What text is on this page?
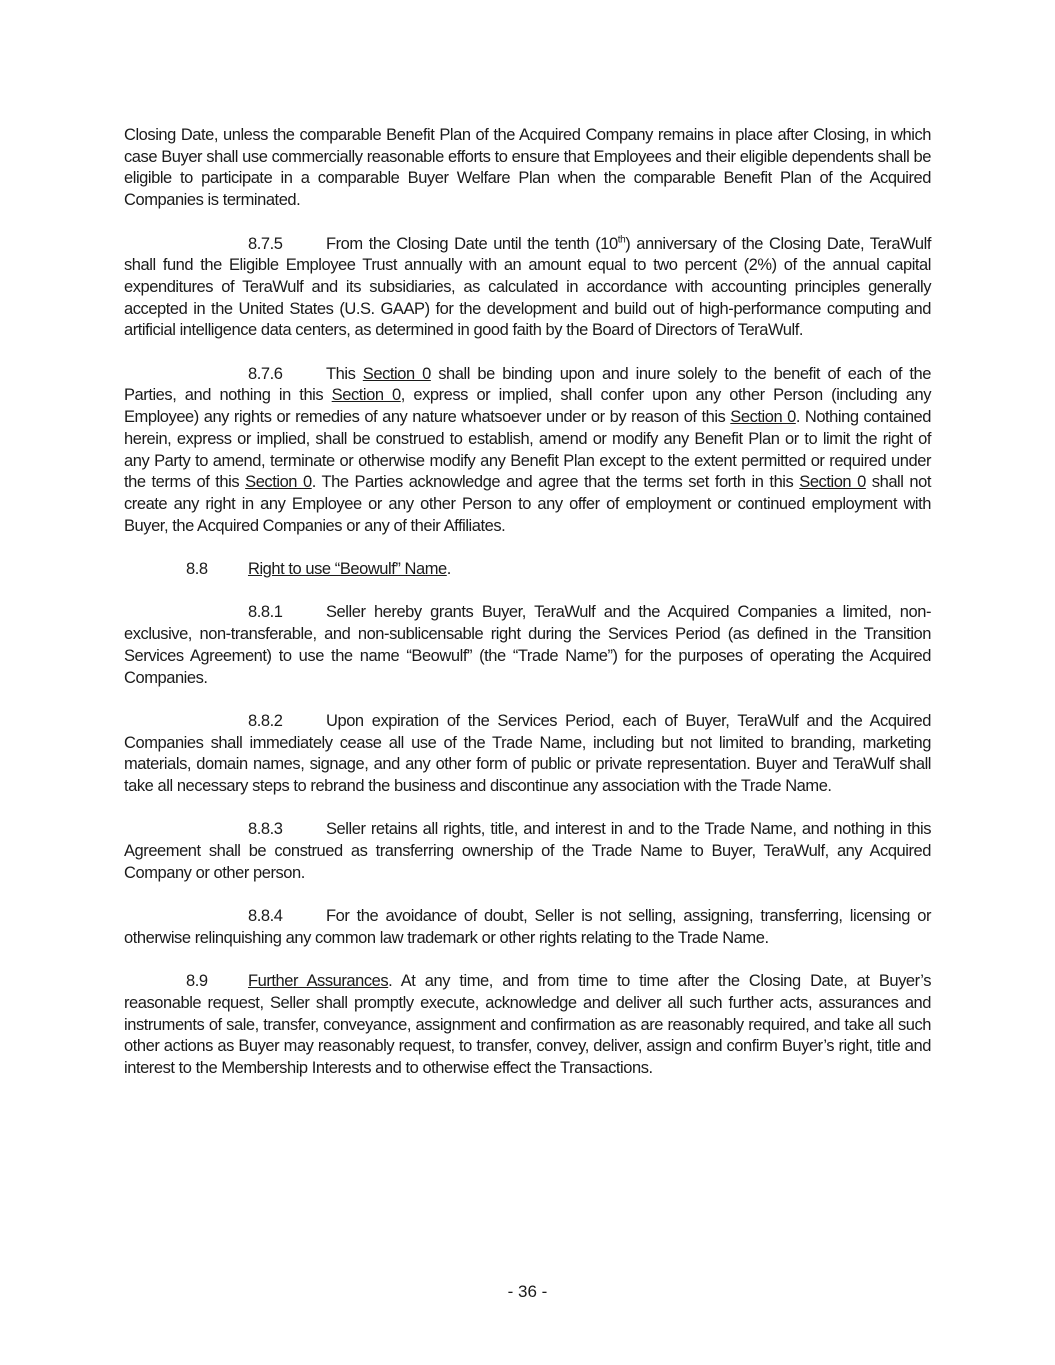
Closing Date, unless the comparable Benefit Plan of the Acquired Company remains in place after Closing, in which case Buyer shall use commercially reasonable efforts to ensure that Employees and their eligible dependents shall be eligible to participate in a comparable Buyer Welfare Plan when the comparable Benefit Plan of the Acquired Companies is terminated.

8.7.5	From the Closing Date until the tenth (10th) anniversary of the Closing Date, TeraWulf shall fund the Eligible Employee Trust annually with an amount equal to two percent (2%) of the annual capital expenditures of TeraWulf and its subsidiaries, as calculated in accordance with accounting principles generally accepted in the United States (U.S. GAAP) for the development and build out of high-performance computing and artificial intelligence data centers, as determined in good faith by the Board of Directors of TeraWulf.

8.7.6	This Section 0 shall be binding upon and inure solely to the benefit of each of the Parties, and nothing in this Section 0, express or implied, shall confer upon any other Person (including any Employee) any rights or remedies of any nature whatsoever under or by reason of this Section 0. Nothing contained herein, express or implied, shall be construed to establish, amend or modify any Benefit Plan or to limit the right of any Party to amend, terminate or otherwise modify any Benefit Plan except to the extent permitted or required under the terms of this Section 0. The Parties acknowledge and agree that the terms set forth in this Section 0 shall not create any right in any Employee or any other Person to any offer of employment or continued employment with Buyer, the Acquired Companies or any of their Affiliates.

8.8 Right to use “Beowulf” Name.

8.8.1	Seller hereby grants Buyer, TeraWulf and the Acquired Companies a limited, non-exclusive, non-transferable, and non-sublicensable right during the Services Period (as defined in the Transition Services Agreement) to use the name “Beowulf” (the “Trade Name”) for the purposes of operating the Acquired Companies.

8.8.2	Upon expiration of the Services Period, each of Buyer, TeraWulf and the Acquired Companies shall immediately cease all use of the Trade Name, including but not limited to branding, marketing materials, domain names, signage, and any other form of public or private representation. Buyer and TeraWulf shall take all necessary steps to rebrand the business and discontinue any association with the Trade Name.

8.8.3	Seller retains all rights, title, and interest in and to the Trade Name, and nothing in this Agreement shall be construed as transferring ownership of the Trade Name to Buyer, TeraWulf, any Acquired Company or other person.

8.8.4	For the avoidance of doubt, Seller is not selling, assigning, transferring, licensing or otherwise relinquishing any common law trademark or other rights relating to the Trade Name.

8.9 Further Assurances. At any time, and from time to time after the Closing Date, at Buyer’s reasonable request, Seller shall promptly execute, acknowledge and deliver all such further acts, assurances and instruments of sale, transfer, conveyance, assignment and confirmation as are reasonably required, and take all such other actions as Buyer may reasonably request, to transfer, convey, deliver, assign and confirm Buyer’s right, title and interest to the Membership Interests and to otherwise effect the Transactions.

- 36 -
